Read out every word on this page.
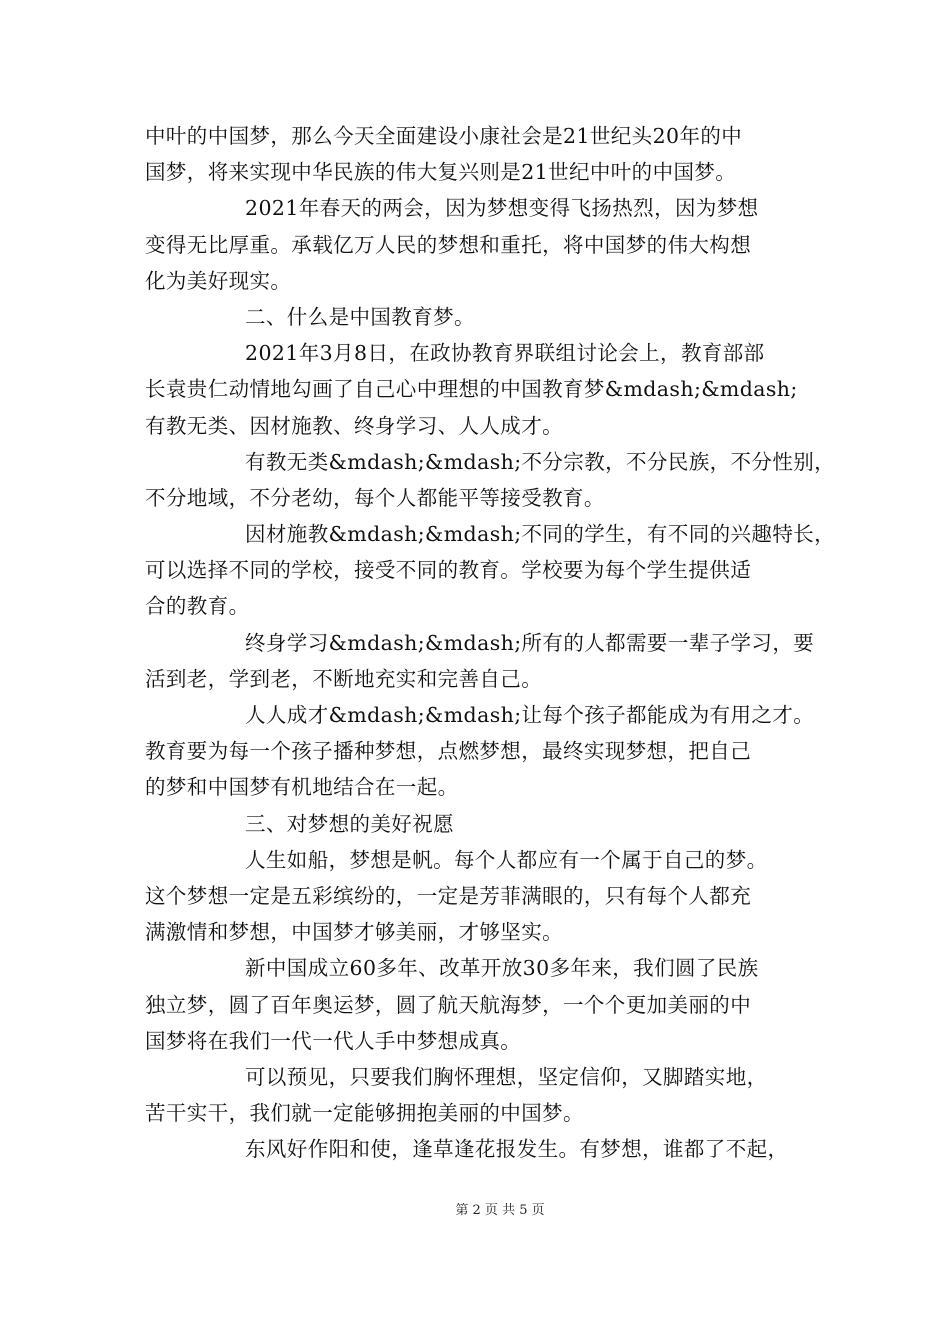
中叶的中国梦，那么今天全面建设小康社会是21世纪头20年的中
国梦，将来实现中华民族的伟大复兴则是21世纪中叶的中国梦。
2021年春天的两会，因为梦想变得飞扬热烈，因为梦想
变得无比厚重。承载亿万人民的梦想和重托，将中国梦的伟大构想
化为美好现实。
二、什么是中国教育梦。
2021年3月8日，在政协教育界联组讨论会上，教育部部
长袁贵仁动情地勾画了自己心中理想的中国教育梦&mdash;&mdash;
有教无类、因材施教、终身学习、人人成才。
有教无类&mdash;&mdash;不分宗教，不分民族，不分性别，
不分地域，不分老幼，每个人都能平等接受教育。
因材施教&mdash;&mdash;不同的学生，有不同的兴趣特长，
可以选择不同的学校，接受不同的教育。学校要为每个学生提供适
合的教育。
终身学习&mdash;&mdash;所有的人都需要一辈子学习，要
活到老，学到老，不断地充实和完善自己。
人人成才&mdash;&mdash;让每个孩子都能成为有用之才。
教育要为每一个孩子播种梦想，点燃梦想，最终实现梦想，把自己
的梦和中国梦有机地结合在一起。
三、对梦想的美好祝愿
人生如船，梦想是帆。每个人都应有一个属于自己的梦。
这个梦想一定是五彩缤纷的，一定是芳菲满眼的，只有每个人都充
满激情和梦想，中国梦才够美丽，才够坚实。
新中国成立60多年、改革开放30多年来，我们圆了民族
独立梦，圆了百年奥运梦，圆了航天航海梦，一个个更加美丽的中
国梦将在我们一代一代人手中梦想成真。
可以预见，只要我们胸怀理想，坚定信仰，又脚踏实地，
苦干实干，我们就一定能够拥抱美丽的中国梦。
东风好作阳和使，逢草逢花报发生。有梦想，谁都了不起，
第 2 页 共 5 页
